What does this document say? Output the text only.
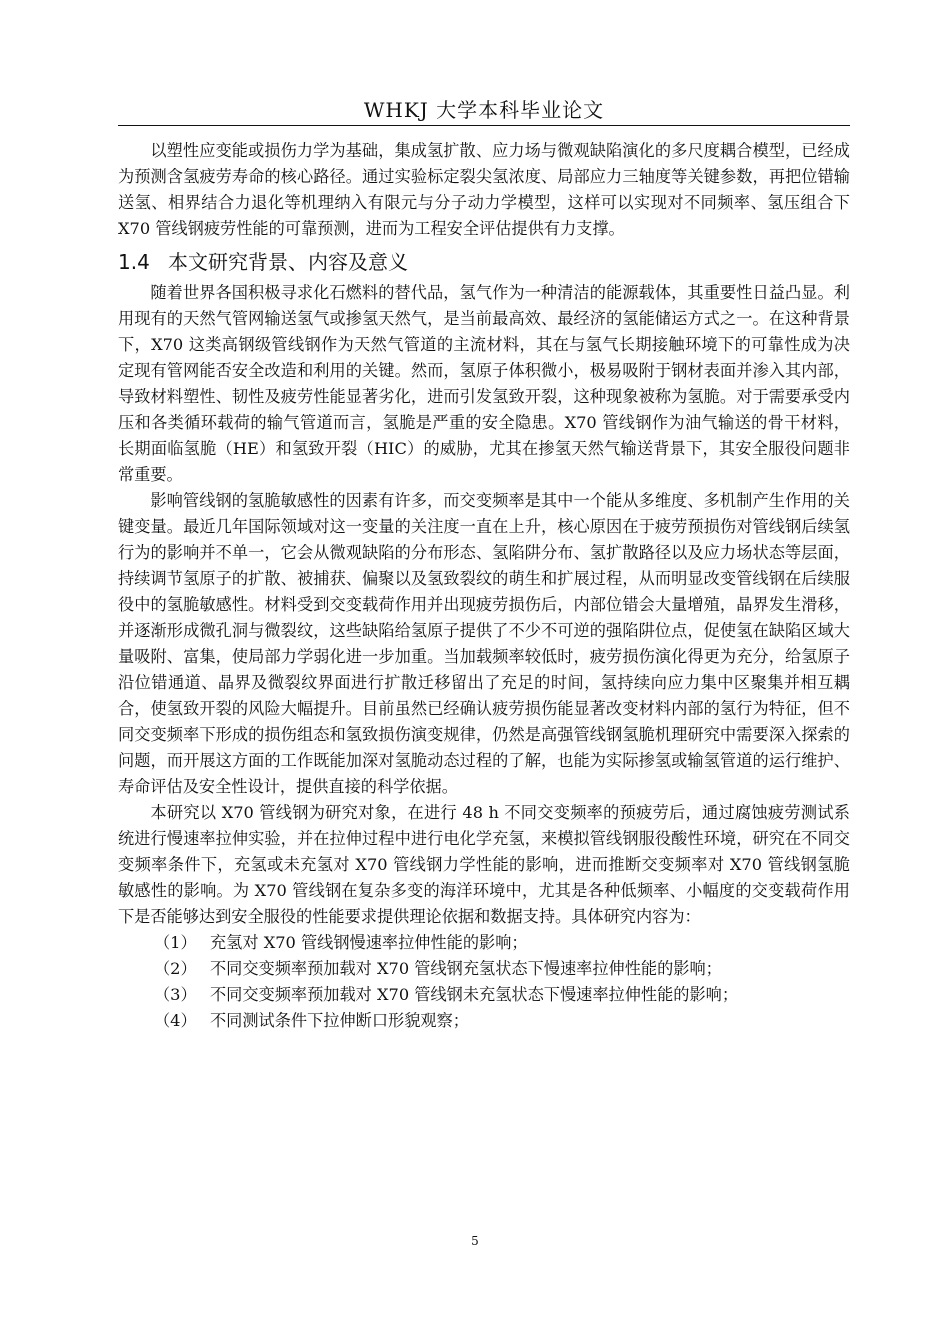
WHKJ 大学本科毕业论文

以塑性应变能或损伤力学为基础，集成氢扩散、应力场与微观缺陷演化的多尺度耦合模型，已经成为预测含氢疲劳寿命的核心路径。通过实验标定裂尖氢浓度、局部应力三轴度等关键参数，再把位错输送氢、相界结合力退化等机理纳入有限元与分子动力学模型，这样可以实现对不同频率、氢压组合下 X70 管线钢疲劳性能的可靠预测，进而为工程安全评估提供有力支撑。

1.4 本文研究背景、内容及意义

随着世界各国积极寻求化石燃料的替代品，氢气作为一种清洁的能源载体，其重要性日益凸显。利用现有的天然气管网输送氢气或掺氢天然气，是当前最高效、最经济的氢能储运方式之一。在这种背景下，X70 这类高钢级管线钢作为天然气管道的主流材料，其在与氢气长期接触环境下的可靠性成为决定现有管网能否安全改造和利用的关键。然而，氢原子体积微小，极易吸附于钢材表面并渗入其内部，导致材料塑性、韧性及疲劳性能显著劣化，进而引发氢致开裂，这种现象被称为氢脆。对于需要承受内压和各类循环载荷的输气管道而言，氢脆是严重的安全隐患。X70 管线钢作为油气输送的骨干材料，长期面临氢脆（HE）和氢致开裂（HIC）的威胁，尤其在掺氢天然气输送背景下，其安全服役问题非常重要。

影响管线钢的氢脆敏感性的因素有许多，而交变频率是其中一个能从多维度、多机制产生作用的关键变量。最近几年国际领域对这一变量的关注度一直在上升，核心原因在于疲劳预损伤对管线钢后续氢行为的影响并不单一，它会从微观缺陷的分布形态、氢陷阱分布、氢扩散路径以及应力场状态等层面，持续调节氢原子的扩散、被捕获、偏聚以及氢致裂纹的萌生和扩展过程，从而明显改变管线钢在后续服役中的氢脆敏感性。材料受到交变载荷作用并出现疲劳损伤后，内部位错会大量增殖，晶界发生滑移，并逐渐形成微孔洞与微裂纹，这些缺陷给氢原子提供了不少不可逆的强陷阱位点，促使氢在缺陷区域大量吸附、富集，使局部力学弱化进一步加重。当加载频率较低时，疲劳损伤演化得更为充分，给氢原子沿位错通道、晶界及微裂纹界面进行扩散迁移留出了充足的时间，氢持续向应力集中区聚集并相互耦合，使氢致开裂的风险大幅提升。目前虽然已经确认疲劳损伤能显著改变材料内部的氢行为特征，但不同交变频率下形成的损伤组态和氢致损伤演变规律，仍然是高强管线钢氢脆机理研究中需要深入探索的问题，而开展这方面的工作既能加深对氢脆动态过程的了解，也能为实际掺氢或输氢管道的运行维护、寿命评估及安全性设计，提供直接的科学依据。

本研究以 X70 管线钢为研究对象，在进行 48 h 不同交变频率的预疲劳后，通过腐蚀疲劳测试系统进行慢速率拉伸实验，并在拉伸过程中进行电化学充氢，来模拟管线钢服役酸性环境，研究在不同交变频率条件下，充氢或未充氢对 X70 管线钢力学性能的影响，进而推断交变频率对 X70 管线钢氢脆敏感性的影响。为 X70 管线钢在复杂多变的海洋环境中，尤其是各种低频率、小幅度的交变载荷作用下是否能够达到安全服役的性能要求提供理论依据和数据支持。具体研究内容为：

（1） 充氢对 X70 管线钢慢速率拉伸性能的影响；

（2） 不同交变频率预加载对 X70 管线钢充氢状态下慢速率拉伸性能的影响；

（3） 不同交变频率预加载对 X70 管线钢未充氢状态下慢速率拉伸性能的影响；

（4） 不同测试条件下拉伸断口形貌观察；

5
